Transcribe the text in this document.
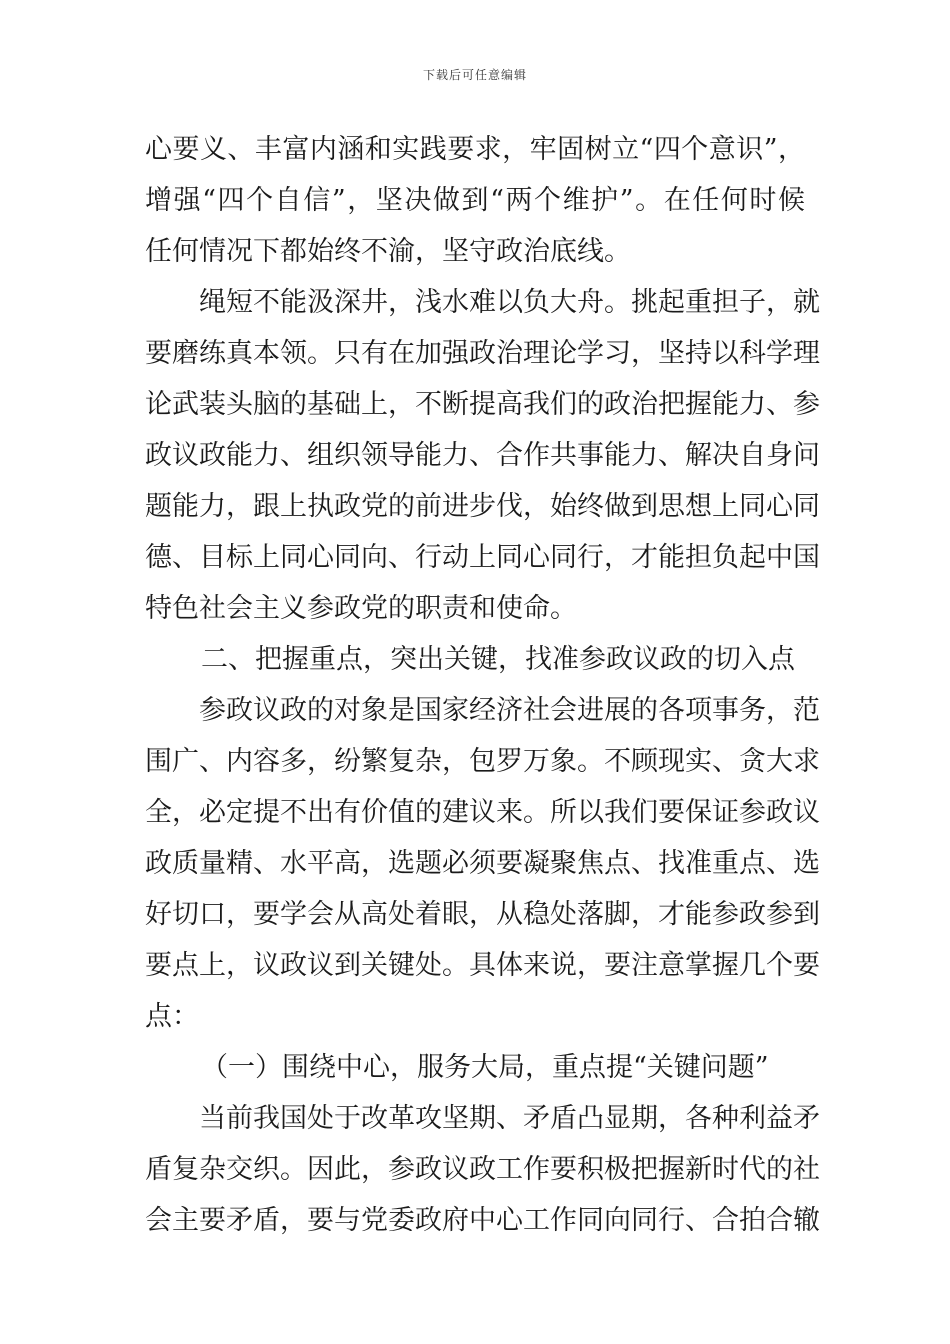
下载后可任意编辑
心要义、丰富内涵和实践要求，牢固树立“四个意识”，
增强“四个自信”，坚决做到“两个维护”。在任何时候
任何情况下都始终不渝，坚守政治底线。
绳短不能汲深井，浅水难以负大舟。挑起重担子，就
要磨练真本领。只有在加强政治理论学习，坚持以科学理
论武装头脑的基础上，不断提高我们的政治把握能力、参
政议政能力、组织领导能力、合作共事能力、解决自身问
题能力，跟上执政党的前进步伐，始终做到思想上同心同
德、目标上同心同向、行动上同心同行，才能担负起中国
特色社会主义参政党的职责和使命。
二、把握重点，突出关键，找准参政议政的切入点
参政议政的对象是国家经济社会进展的各项事务，范
围广、内容多，纷繁复杂，包罗万象。不顾现实、贪大求
全，必定提不出有价值的建议来。所以我们要保证参政议
政质量精、水平高，选题必须要凝聚焦点、找准重点、选
好切口，要学会从高处着眼，从稳处落脚，才能参政参到
要点上，议政议到关键处。具体来说，要注意掌握几个要
点：
（一）围绕中心，服务大局，重点提“关键问题”
当前我国处于改革攻坚期、矛盾凸显期，各种利益矛
盾复杂交织。因此，参政议政工作要积极把握新时代的社
会主要矛盾，要与党委政府中心工作同向同行、合拍合辙
